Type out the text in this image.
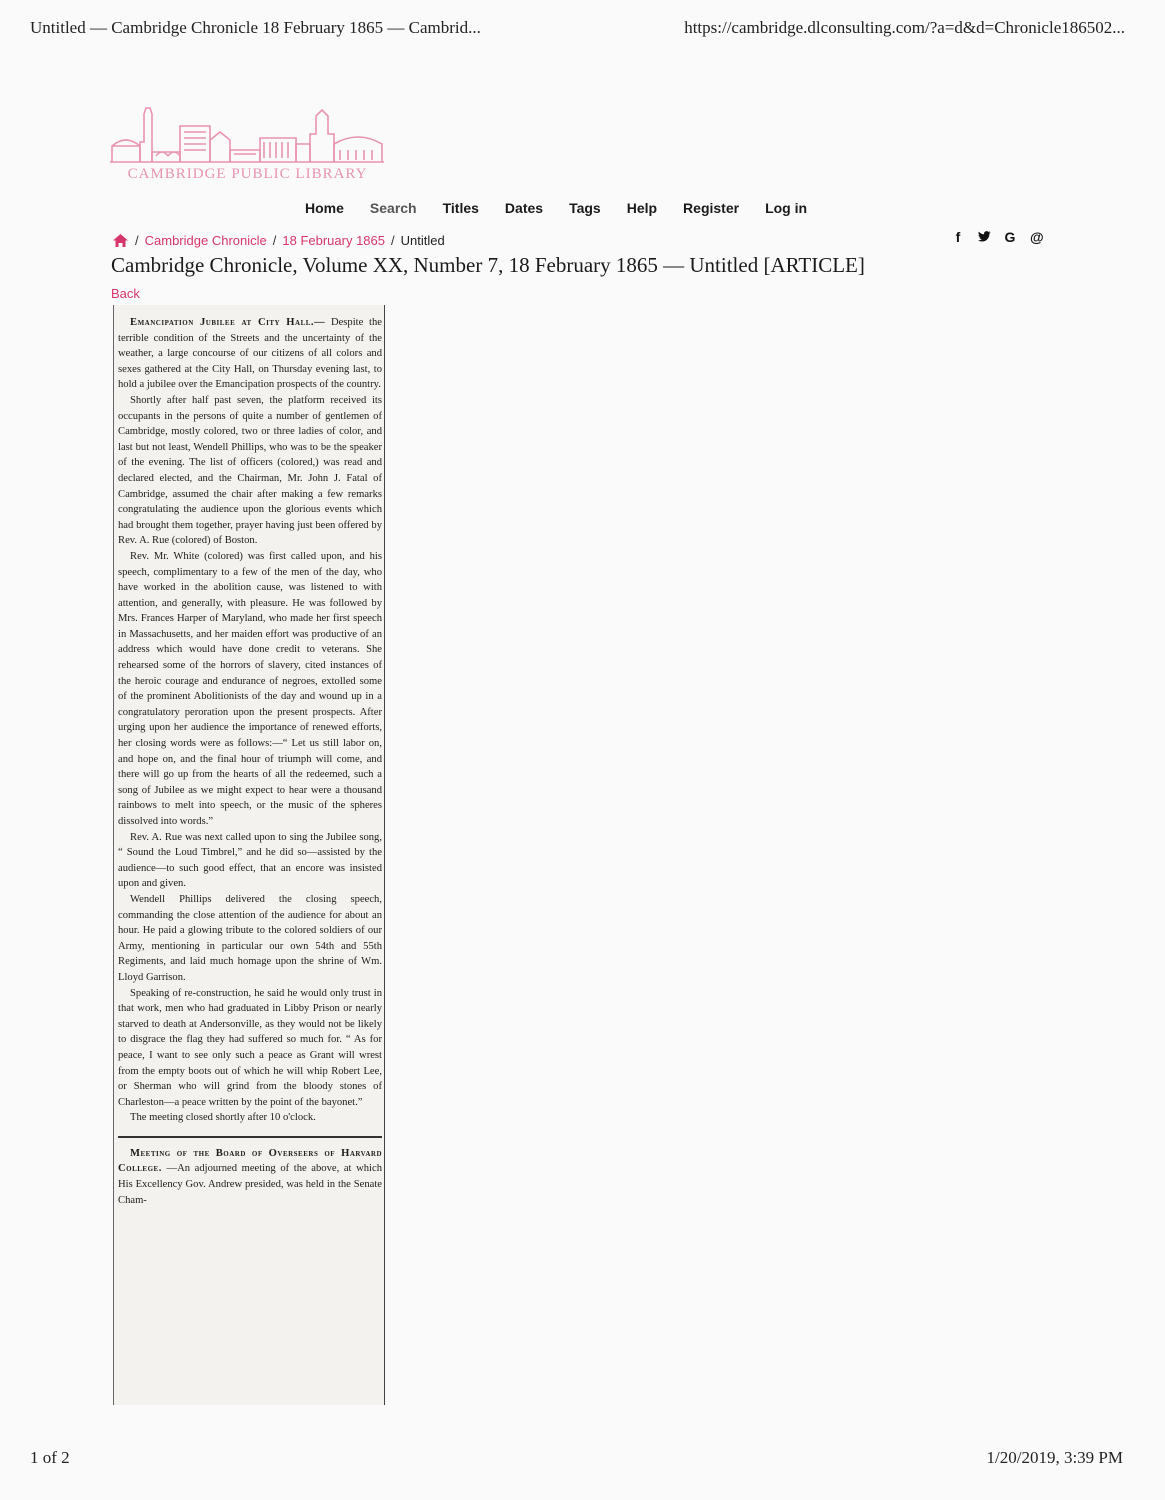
Untitled — Cambridge Chronicle 18 February 1865 — Cambrid...	https://cambridge.dlconsulting.com/?a=d&d=Chronicle186502...
CAMBRIDGE PUBLIC LIBRARY
Home Search Titles Dates Tags Help Register Log in
/ Cambridge Chronicle / 18 February 1865 / Untitled	f	G @
Cambridge Chronicle, Volume XX, Number 7, 18 February 1865 — Untitled [ARTICLE]
Back

Emancipation Jubilee at City Hall.— Despite the terrible condition of the Streets and the uncertainty of the weather, a large concourse of our citizens of all colors and sexes gathered at the City Hall, on Thursday evening last, to hold a jubilee over the Emancipation prospects of the country.

Shortly after half past seven, the platform received its occupants in the persons of quite a number of gentlemen of Cambridge, mostly colored, two or three ladies of color, and last but not least, Wendell Phillips, who was to be the speaker of the evening. The list of officers (colored,) was read and declared elected, and the Chairman, Mr. John J. Fatal of Cambridge, assumed the chair after making a few remarks congratulating the audience upon the glorious events which had brought them together, prayer having just been offered by Rev. A. Rue (colored) of Boston.

Rev. Mr. White (colored) was first called upon, and his speech, complimentary to a few of the men of the day, who have worked in the abolition cause, was listened to with attention, and generally, with pleasure. He was followed by Mrs. Frances Harper of Maryland, who made her first speech in Massachusetts, and her maiden effort was productive of an address which would have done credit to veterans. She rehearsed some of the horrors of slavery, cited instances of the heroic courage and endurance of negroes, extolled some of the prominent Abolitionists of the day and wound up in a congratulatory peroration upon the present prospects. After urging upon her audience the importance of renewed efforts, her closing words were as follows:—“ Let us still labor on, and hope on, and the final hour of triumph will come, and there will go up from the hearts of all the redeemed, such a song of Jubilee as we might expect to hear were a thousand rainbows to melt into speech, or the music of the spheres dissolved into words.”

Rev. A. Rue was next called upon to sing the Jubilee song, “ Sound the Loud Timbrel,” and he did so—assisted by the audience—to such good effect, that an encore was insisted upon and given.

Wendell Phillips delivered the closing speech, commanding the close attention of the audience for about an hour. He paid a glowing tribute to the colored soldiers of our Army, mentioning in particular our own 54th and 55th Regiments, and laid much homage upon the shrine of Wm. Lloyd Garrison.

Speaking of re-construction, he said he would only trust in that work, men who had graduated in Libby Prison or nearly starved to death at Andersonville, as they would not be likely to disgrace the flag they had suffered so much for. “ As for peace, I want to see only such a peace as Grant will wrest from the empty boots out of which he will whip Robert Lee, or Sherman who will grind from the bloody stones of Charleston—a peace written by the point of the bayonet.”

The meeting closed shortly after 10 o'clock.

Meeting of the Board of Overseers of Harvard College. —An adjourned meeting of the above, at which His Excellency Gov. Andrew presided, was held in the Senate Cham-

1 of 2	1/20/2019, 3:39 PM
